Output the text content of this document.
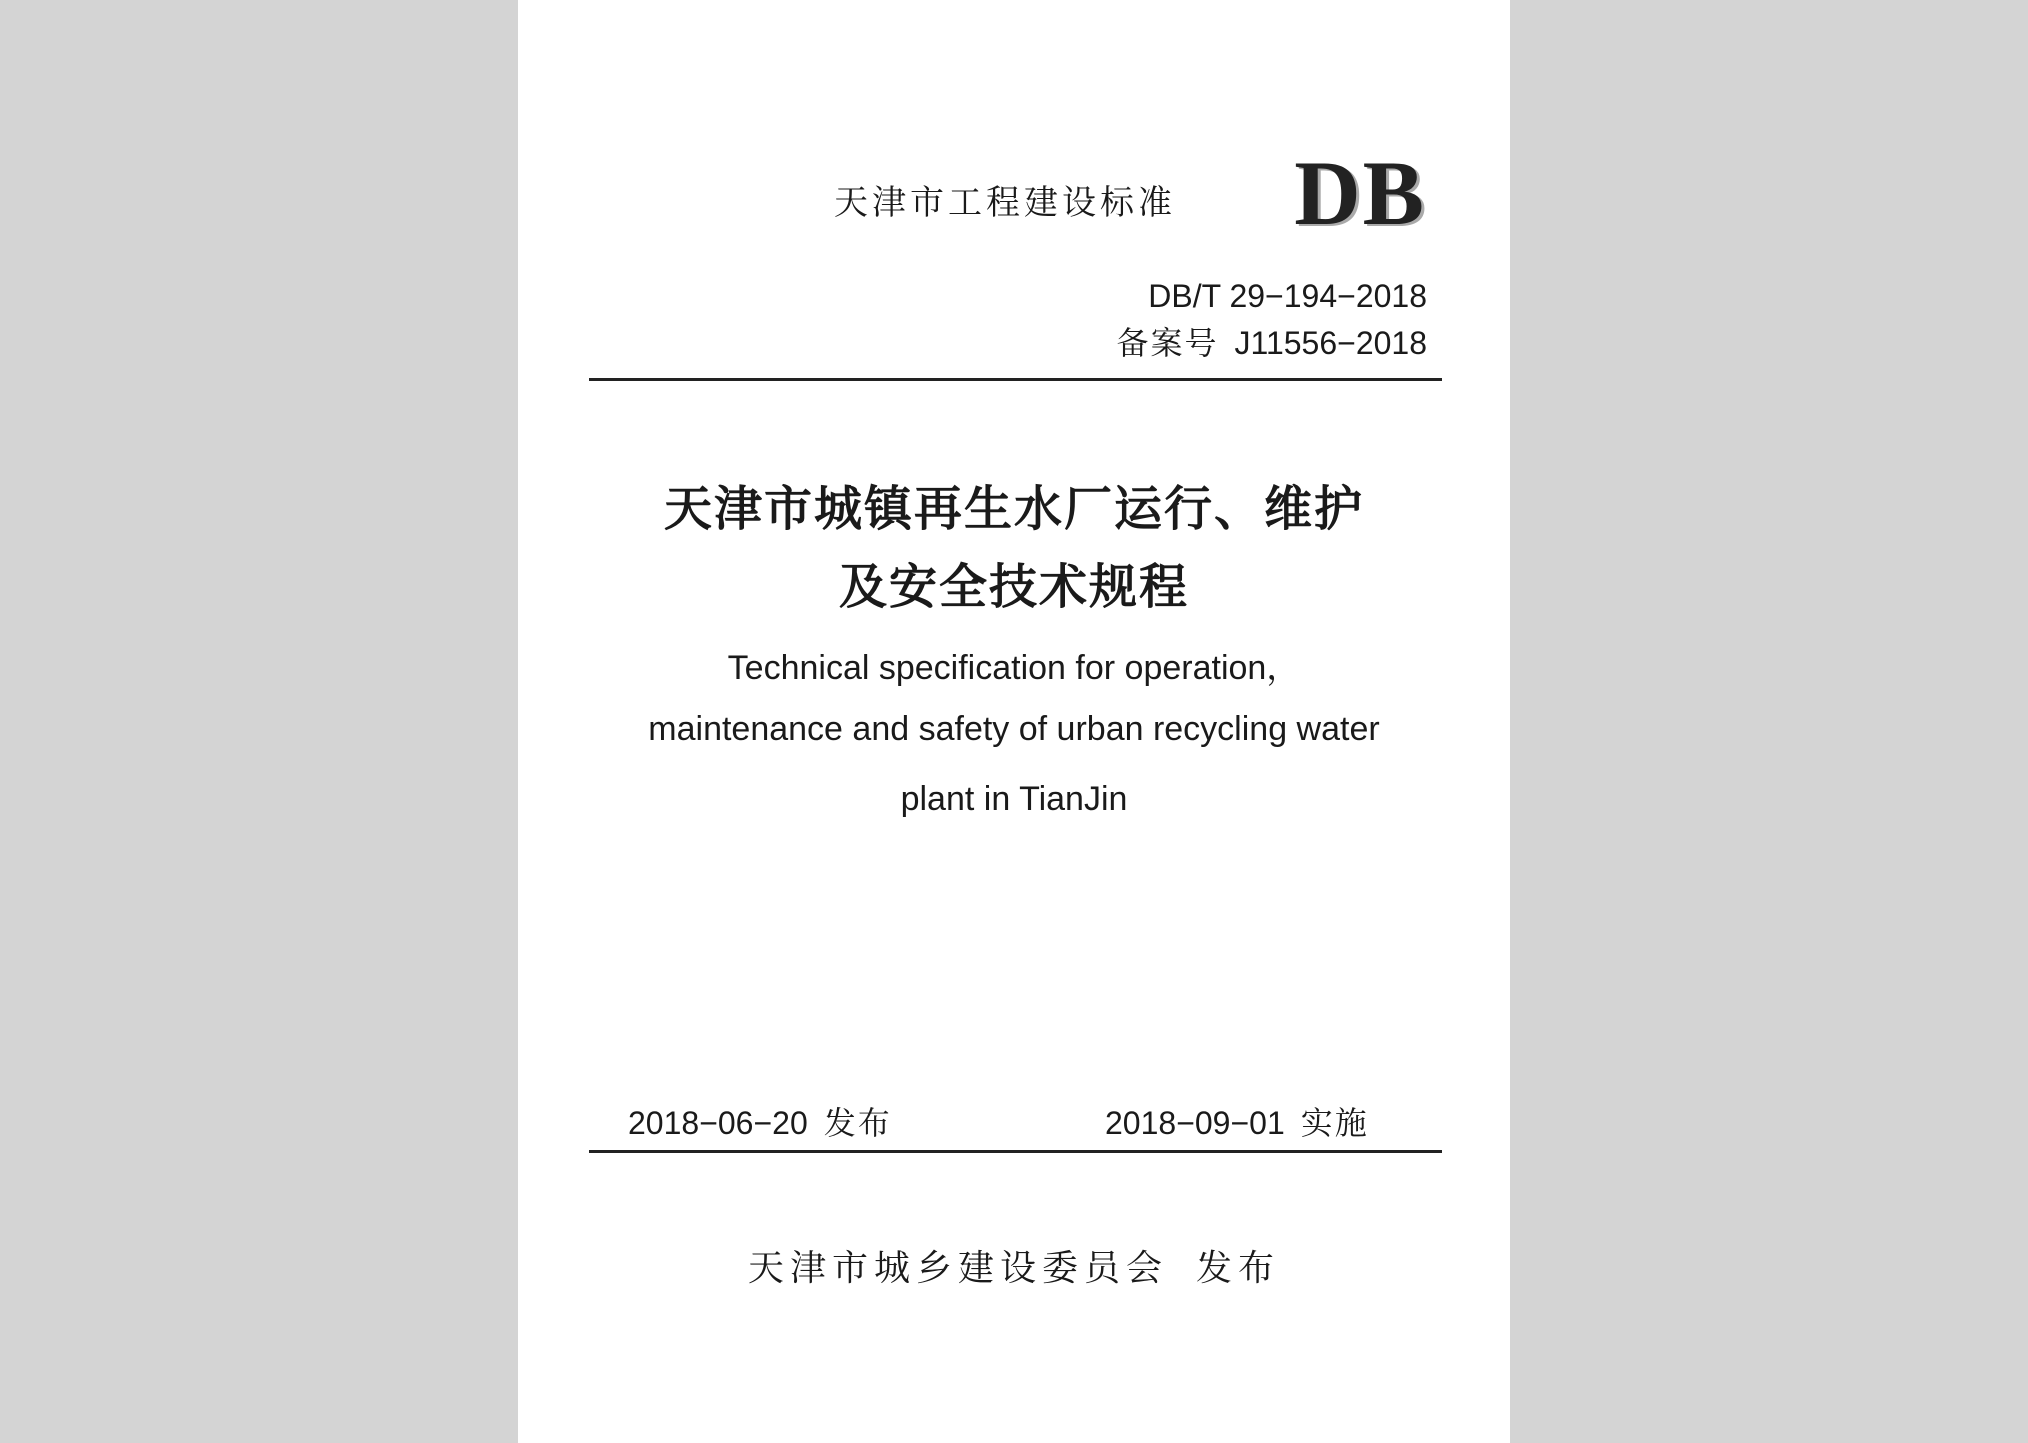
天津市工程建设标准 DB
DB/T 29−194−2018
备案号 J11556−2018
天津市城镇再生水厂运行、维护
及安全技术规程
Technical specification for operation，
maintenance and safety of urban recycling water
plant in TianJin
2018−06−20 发布	2018−09−01 实施
天津市城乡建设委员会 发布
